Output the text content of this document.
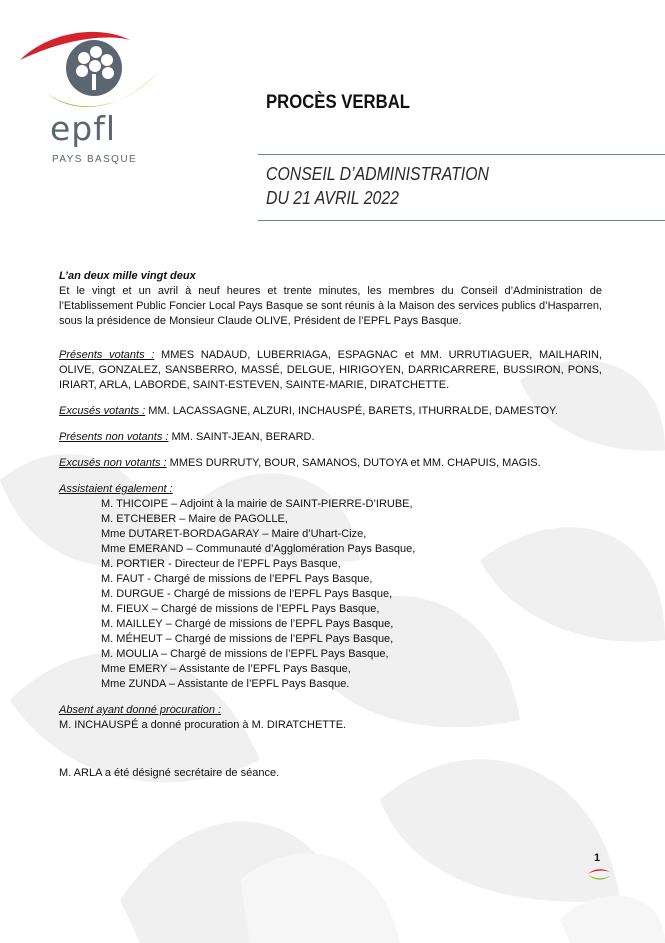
epfl
PAYS BASQUE
PROCÈS VERBAL
CONSEIL D’ADMINISTRATION
DU 21 AVRIL 2022

L’an deux mille vingt deux

Et le vingt et un avril à neuf heures et trente minutes, les membres du Conseil d’Administration de l’Etablissement Public Foncier Local Pays Basque se sont réunis à la Maison des services publics d’Hasparren, sous la présidence de Monsieur Claude OLIVE, Président de l’EPFL Pays Basque.

Présents votants : MMES NADAUD, LUBERRIAGA, ESPAGNAC et MM. URRUTIAGUER, MAILHARIN, OLIVE, GONZALEZ, SANSBERRO, MASSÉ, DELGUE, HIRIGOYEN, DARRICARRERE, BUSSIRON, PONS, IRIART, ARLA, LABORDE, SAINT-ESTEVEN, SAINTE-MARIE, DIRATCHETTE.

Excusés votants : MM. LACASSAGNE, ALZURI, INCHAUSPÉ, BARETS, ITHURRALDE, DAMESTOY.

Présents non votants : MM. SAINT-JEAN, BERARD.

Excusés non votants : MMES DURRUTY, BOUR, SAMANOS, DUTOYA et MM. CHAPUIS, MAGIS.

Assistaient également :

M. THICOIPE – Adjoint à la mairie de SAINT-PIERRE-D’IRUBE,
M. ETCHEBER – Maire de PAGOLLE,
Mme DUTARET-BORDAGARAY – Maire d’Uhart-Cize,
Mme EMERAND – Communauté d’Agglomération Pays Basque,
M. PORTIER - Directeur de l’EPFL Pays Basque,
M. FAUT - Chargé de missions de l’EPFL Pays Basque,
M. DURGUE - Chargé de missions de l’EPFL Pays Basque,
M. FIEUX – Chargé de missions de l’EPFL Pays Basque,
M. MAILLEY – Chargé de missions de l’EPFL Pays Basque,
M. MÉHEUT – Chargé de missions de l’EPFL Pays Basque,
M. MOULIA – Chargé de missions de l’EPFL Pays Basque,
Mme EMERY – Assistante de l’EPFL Pays Basque,
Mme ZUNDA – Assistante de l’EPFL Pays Basque.

Absent ayant donné procuration :

M. INCHAUSPÉ a donné procuration à M. DIRATCHETTE.

M. ARLA a été désigné secrétaire de séance.

1
